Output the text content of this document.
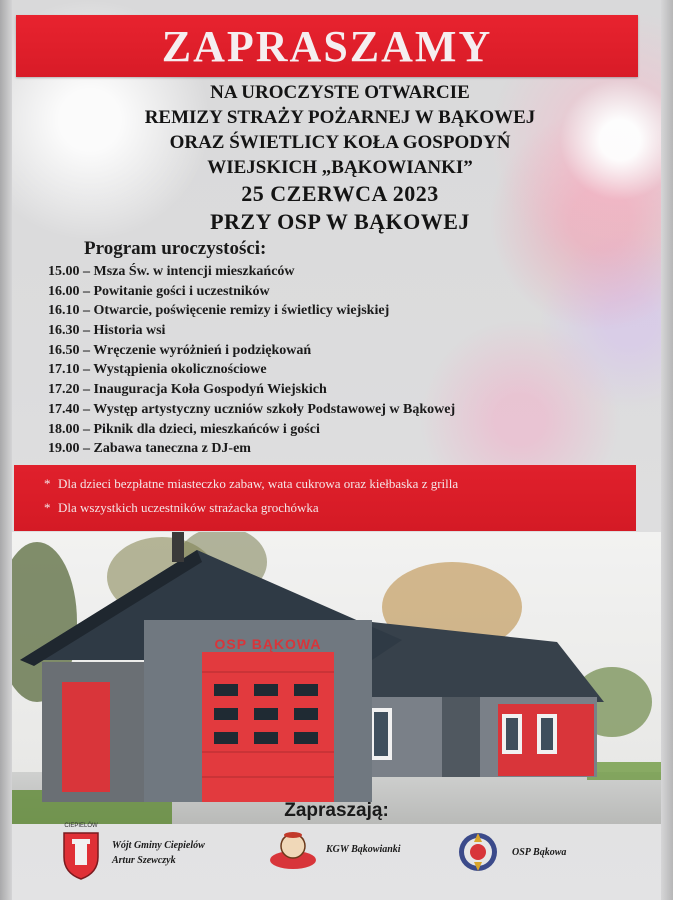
ZAPRASZAMY
NA UROCZYSTE OTWARCIE
REMIZY STRAŻY POŻARNEJ W BĄKOWEJ
ORAZ ŚWIETLICY KOŁA GOSPODYŃ
WIEJSKICH „BĄKOWIANKI”
25 CZERWCA 2023
PRZY OSP W BĄKOWEJ
Program uroczystości:
15.00 – Msza Św. w intencji mieszkańców
16.00 – Powitanie gości i uczestników
16.10 – Otwarcie, poświęcenie remizy i świetlicy wiejskiej
16.30 – Historia wsi
16.50 – Wręczenie wyróżnień i podziękowań
17.10 – Wystąpienia okolicznościowe
17.20 – Inauguracja Koła Gospodyń Wiejskich
17.40 – Występ artystyczny uczniów szkoły Podstawowej w Bąkowej
18.00 – Piknik dla dzieci, mieszkańców i gości
19.00 – Zabawa taneczna z DJ-em
* Dla dzieci bezpłatne miasteczko zabaw, wata cukrowa oraz kiełbaska z grilla
* Dla wszystkich uczestników strażacka grochówka
OSP BĄKOWA
Zapraszają:
CIEPIELÓW
Wójt Gminy Ciepielów
Artur Szewczyk
KGW Bąkowianki	OSP Bąkowa
